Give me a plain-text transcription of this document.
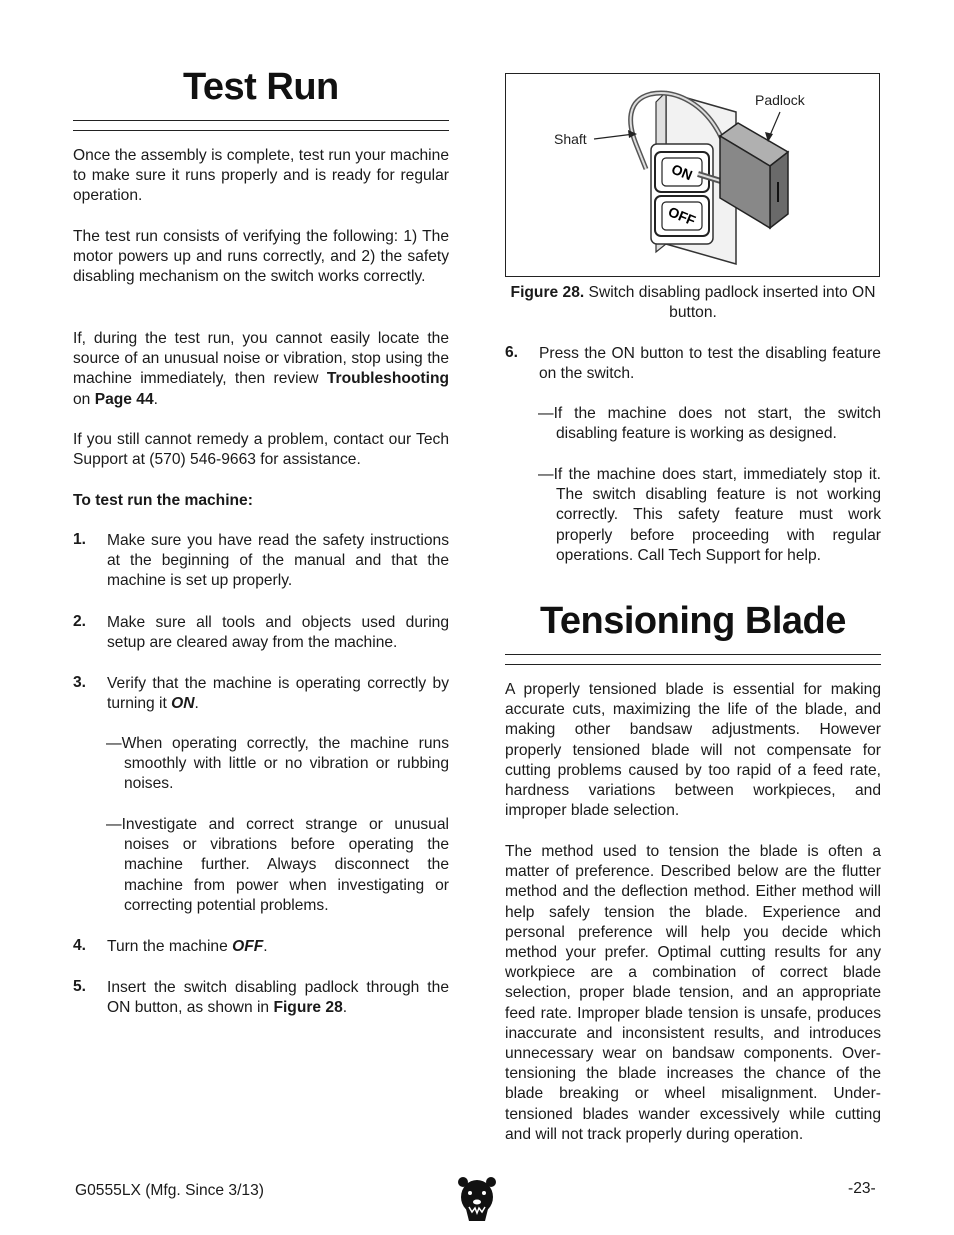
Test Run
Once the assembly is complete, test run your machine to make sure it runs properly and is ready for regular operation.
The test run consists of verifying the following: 1) The motor powers up and runs correctly, and 2) the safety disabling mechanism on the switch works correctly.
If, during the test run, you cannot easily locate the source of an unusual noise or vibration, stop using the machine immediately, then review Troubleshooting on Page 44.
If you still cannot remedy a problem, contact our Tech Support at (570) 546-9663 for assistance.
To test run the machine:
1. Make sure you have read the safety instructions at the beginning of the manual and that the machine is set up properly.
2. Make sure all tools and objects used during setup are cleared away from the machine.
3. Verify that the machine is operating correctly by turning it ON.
—When operating correctly, the machine runs smoothly with little or no vibration or rubbing noises.
—Investigate and correct strange or unusual noises or vibrations before operating the machine further. Always disconnect the machine from power when investigating or correcting potential problems.
4. Turn the machine OFF.
5. Insert the switch disabling padlock through the ON button, as shown in Figure 28.
ON
OFF
Padlock
Shaft
Figure 28. Switch disabling padlock inserted into ON button.
6. Press the ON button to test the disabling feature on the switch.
—If the machine does not start, the switch disabling feature is working as designed.
—If the machine does start, immediately stop it. The switch disabling feature is not working correctly. This safety feature must work properly before proceeding with regular operations. Call Tech Support for help.
Tensioning Blade
A properly tensioned blade is essential for making accurate cuts, maximizing the life of the blade, and making other bandsaw adjustments. However properly tensioned blade will not compensate for cutting problems caused by too rapid of a feed rate, hardness variations between workpieces, and improper blade selection.
The method used to tension the blade is often a matter of preference. Described below are the flutter method and the deflection method. Either method will help safely tension the blade. Experience and personal preference will help you decide which method your prefer. Optimal cutting results for any workpiece are a combination of correct blade selection, proper blade tension, and an appropriate feed rate. Improper blade tension is unsafe, produces inaccurate and inconsistent results, and introduces unnecessary wear on bandsaw components. Over-tensioning the blade increases the chance of the blade breaking or wheel misalignment. Under-tensioned blades wander excessively while cutting and will not track properly during operation.
G0555LX (Mfg. Since 3/13)	-23-
